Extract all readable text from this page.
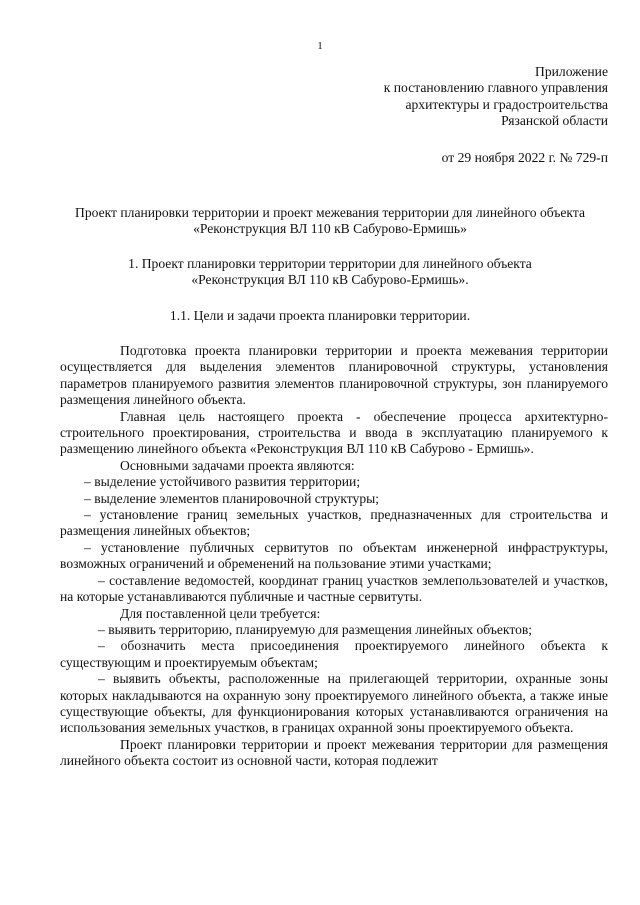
1
Приложение
к постановлению главного управления
архитектуры и градостроительства
Рязанской области
от 29 ноября 2022 г. № 729-п
Проект планировки территории и проект межевания территории для линейного объекта «Реконструкция ВЛ 110 кВ Сабурово-Ермишь»
1. Проект планировки территории территории для линейного объекта «Реконструкция ВЛ 110 кВ Сабурово-Ермишь».
1.1. Цели и задачи проекта планировки территории.

Подготовка проекта планировки территории и проекта межевания территории осуществляется для выделения элементов планировочной структуры, установления параметров планируемого развития элементов планировочной структуры, зон планируемого размещения линейного объекта.

Главная цель настоящего проекта - обеспечение процесса архитектурно-строительного проектирования, строительства и ввода в эксплуатацию планируемого к размещению линейного объекта «Реконструкция ВЛ 110 кВ Сабурово - Ермишь».

Основными задачами проекта являются:

– выделение устойчивого развития территории;

– выделение элементов планировочной структуры;

– установление границ земельных участков, предназначенных для строительства и размещения линейных объектов;

– установление публичных сервитутов по объектам инженерной инфраструктуры, возможных ограничений и обременений на пользование этими участками;

– составление ведомостей, координат границ участков землепользователей и участков, на которые устанавливаются публичные и частные сервитуты.

Для поставленной цели требуется:

– выявить территорию, планируемую для размещения линейных объектов;

– обозначить места присоединения проектируемого линейного объекта к существующим и проектируемым объектам;

– выявить объекты, расположенные на прилегающей территории, охранные зоны которых накладываются на охранную зону проектируемого линейного объекта, а также иные существующие объекты, для функционирования которых устанавливаются ограничения на использования земельных участков, в границах охранной зоны проектируемого объекта.

Проект планировки территории и проект межевания территории для размещения линейного объекта состоит из основной части, которая подлежит
